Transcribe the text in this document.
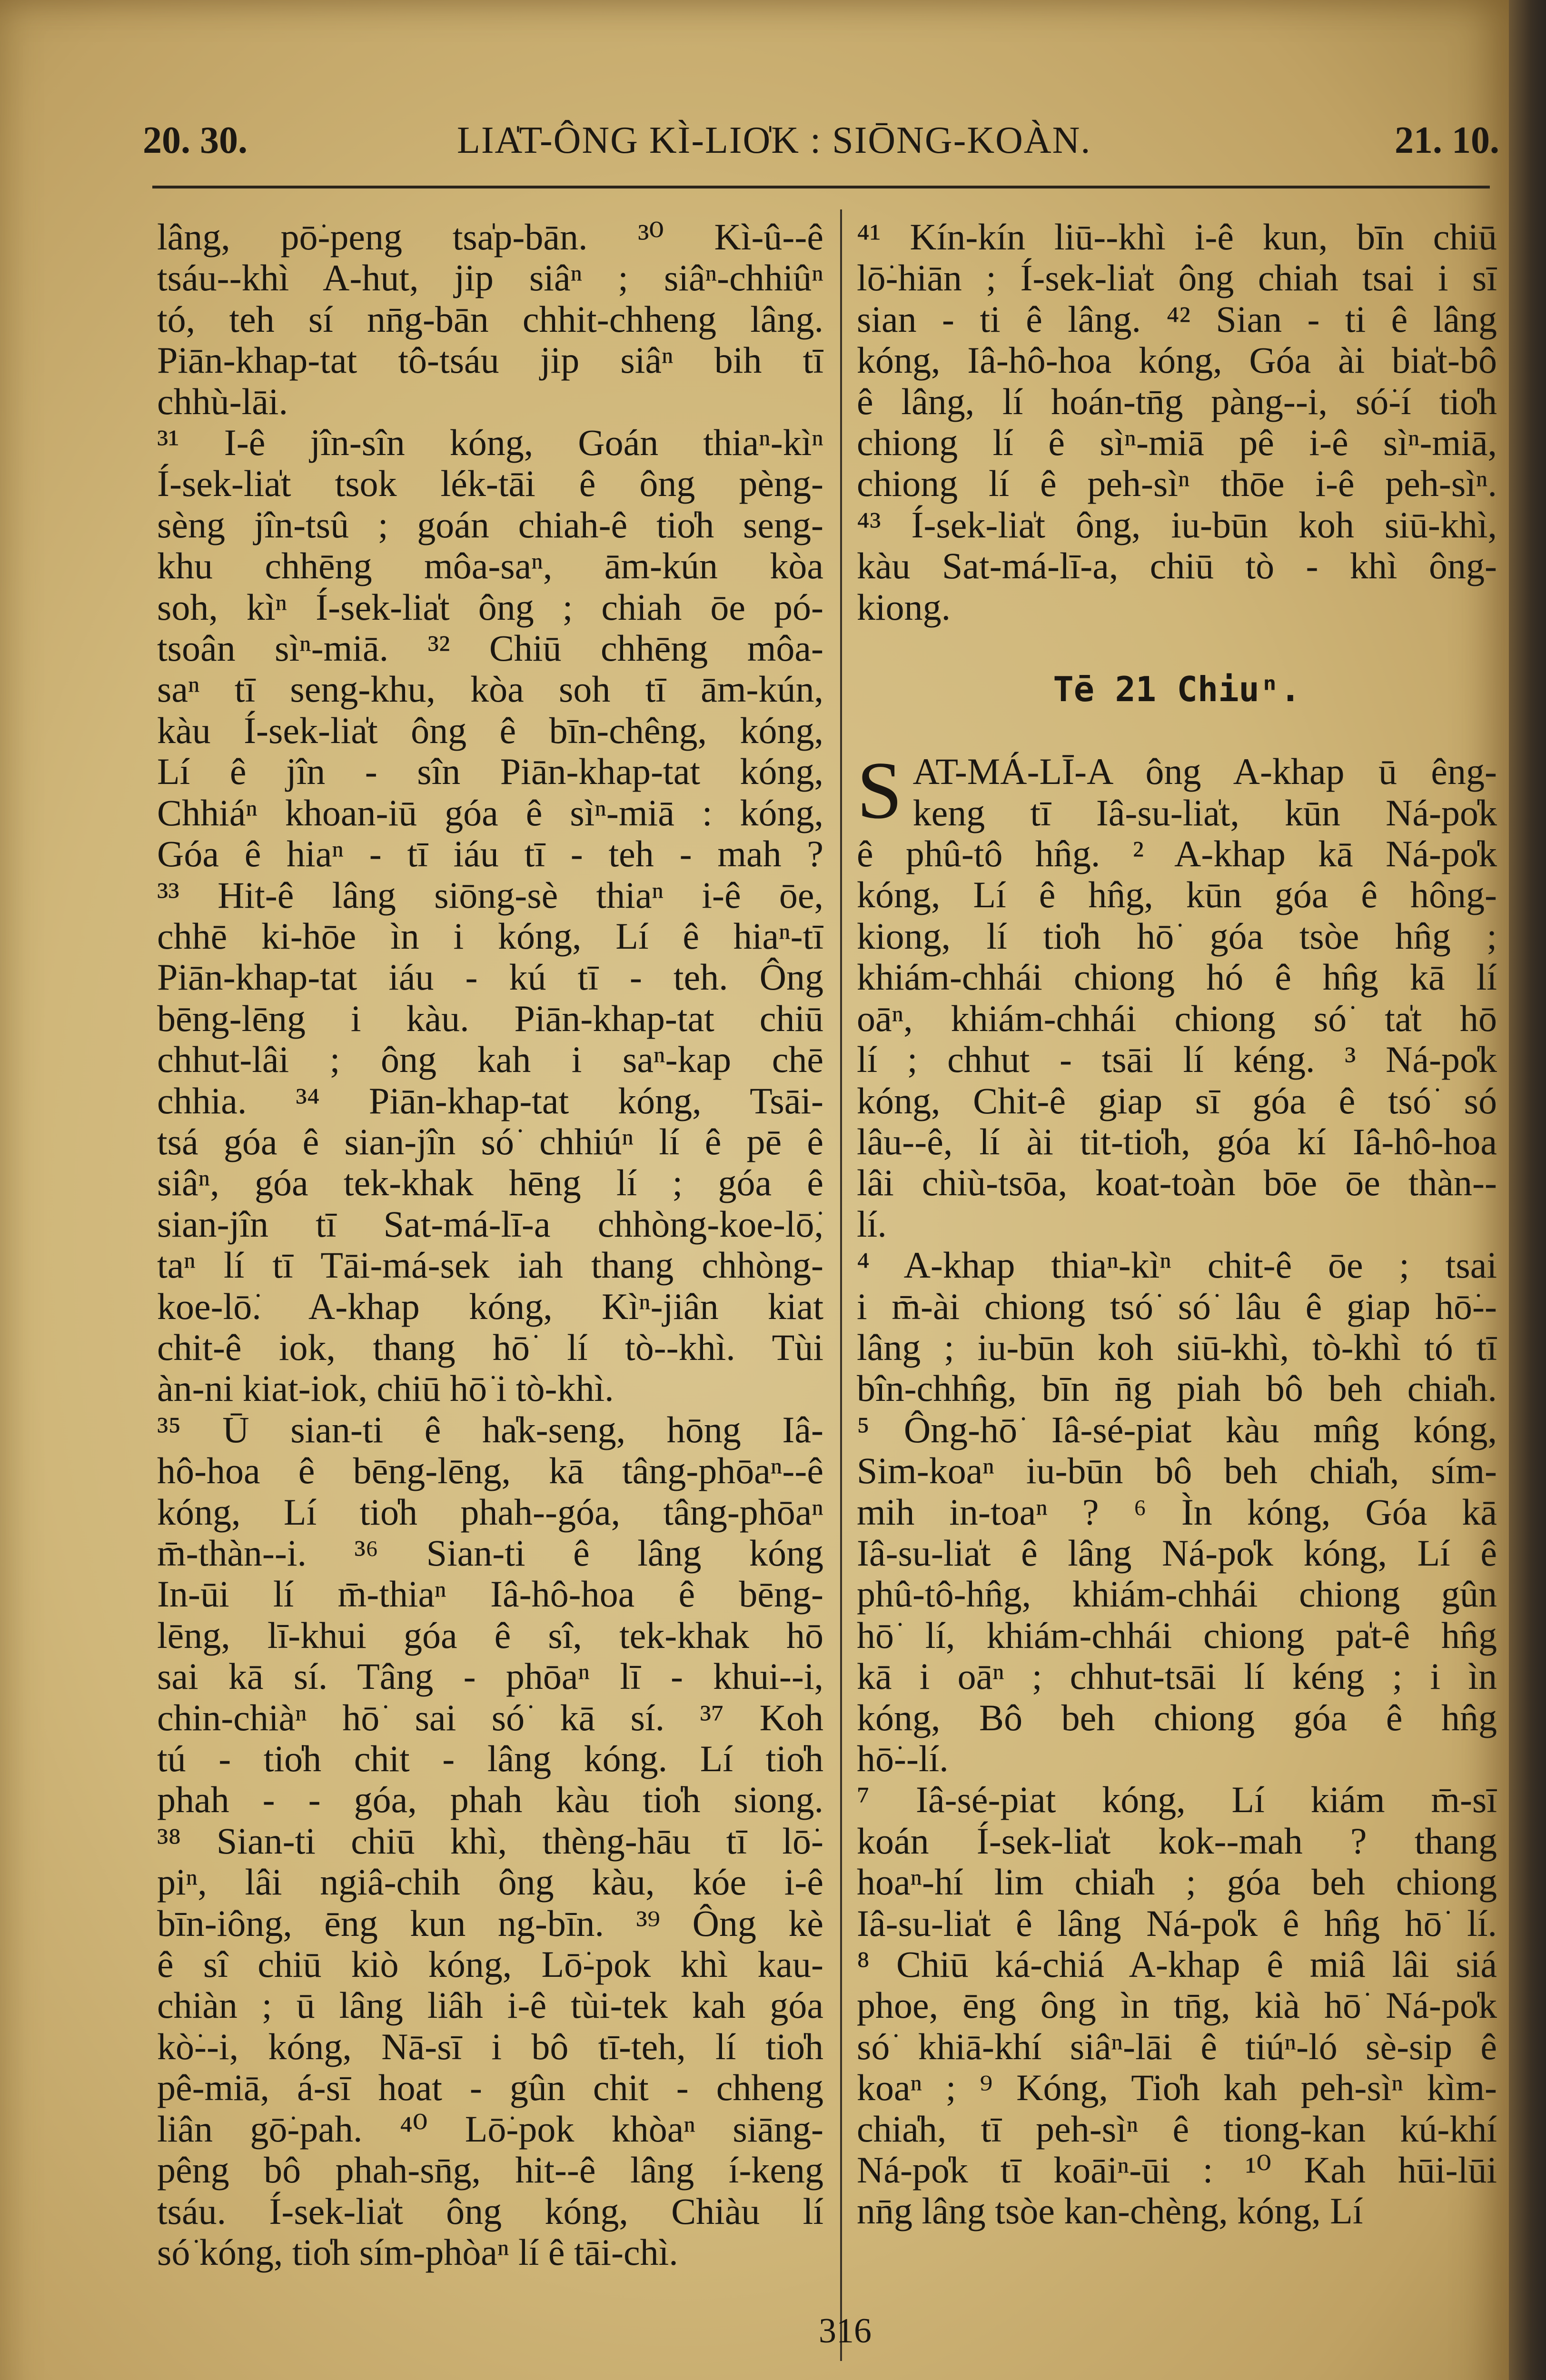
20. 30.	LIA̍T-ÔNG KÌ-LIO̍K : SIŌNG-KOÀN.	21. 10.
lâng, pō͘-peng tsa̍p-bān. ³⁰ Kì-û--ê
tsáu--khì A-hut, jip siâⁿ ; siâⁿ-chhiûⁿ
tó, teh sí nn̄g-bān chhit-chheng lâng.
Piān-khap-tat tô-tsáu jip siâⁿ bih tī
chhù-lāi.
³¹ I-ê jîn-sîn kóng, Goán thiaⁿ-kìⁿ
Í-sek-lia̍t tsok lék-tāi ê ông pèng-
sèng jîn-tsû ; goán chiah-ê tio̍h seng-
khu chhēng môa-saⁿ, ām-kún kòa
soh, kìⁿ Í-sek-lia̍t ông ; chiah ōe pó-
tsoân sìⁿ-miā. ³² Chiū chhēng môa-
saⁿ tī seng-khu, kòa soh tī ām-kún,
kàu Í-sek-lia̍t ông ê bīn-chêng, kóng,
Lí ê jîn - sîn Piān-khap-tat kóng,
Chhiáⁿ khoan-iū góa ê sìⁿ-miā : kóng,
Góa ê hiaⁿ - tī iáu tī - teh - mah ?
³³ Hit-ê lâng siōng-sè thiaⁿ i-ê ōe,
chhē ki-hōe ìn i kóng, Lí ê hiaⁿ-tī
Piān-khap-tat iáu - kú tī - teh. Ông
bēng-lēng i kàu. Piān-khap-tat chiū
chhut-lâi ; ông kah i saⁿ-kap chē
chhia. ³⁴ Piān-khap-tat kóng, Tsāi-
tsá góa ê sian-jîn só͘ chhiúⁿ lí ê pē ê
siâⁿ, góa tek-khak hēng lí ; góa ê
sian-jîn tī Sat-má-lī-a chhòng-koe-lō͘,
taⁿ lí tī Tāi-má-sek iah thang chhòng-
koe-lō͘. A-khap kóng, Kìⁿ-jiân kiat
chit-ê iok, thang hō͘ lí tò--khì. Tùi
àn-ni kiat-iok, chiū hō͘ i tò-khì.
³⁵ Ū sian-ti ê ha̍k-seng, hōng Iâ-
hô-hoa ê bēng-lēng, kā tâng-phōaⁿ--ê
kóng, Lí tio̍h phah--góa, tâng-phōaⁿ
m̄-thàn--i. ³⁶ Sian-ti ê lâng kóng
In-ūi lí m̄-thiaⁿ Iâ-hô-hoa ê bēng-
lēng, lī-khui góa ê sî, tek-khak hō͘
sai kā sí. Tâng - phōaⁿ lī - khui--i,
chin-chiàⁿ hō͘ sai só͘ kā sí. ³⁷ Koh
tú - tio̍h chit - lâng kóng. Lí tio̍h
phah - - góa, phah kàu tio̍h siong.
³⁸ Sian-ti chiū khì, thèng-hāu tī lō͘-
piⁿ, lâi ngiâ-chih ông kàu, kóe i-ê
bīn-iông, ēng kun ng-bīn. ³⁹ Ông kè
ê sî chiū kiò kóng, Lō͘-pok khì kau-
chiàn ; ū lâng liâh i-ê tùi-tek kah góa
kò͘--i, kóng, Nā-sī i bô tī-teh, lí tio̍h
pê-miā, á-sī hoat - gûn chit - chheng
liân gō͘-pah. ⁴⁰ Lō͘-pok khòaⁿ siāng-
pêng bô phah-sn̄g, hit--ê lâng í-keng
tsáu. Í-sek-lia̍t ông kóng, Chiàu lí
só͘ kóng, tio̍h sím-phòaⁿ lí ê tāi-chì.
⁴¹ Kín-kín liū--khì i-ê kun, bīn chiū
lō͘-hiān ; Í-sek-lia̍t ông chiah tsai i sī
sian - ti ê lâng. ⁴² Sian - ti ê lâng
kóng, Iâ-hô-hoa kóng, Góa ài bia̍t-bô
ê lâng, lí hoán-tn̄g pàng--i, só͘-í tio̍h
chiong lí ê sìⁿ-miā pê i-ê sìⁿ-miā,
chiong lí ê peh-sìⁿ thōe i-ê peh-sìⁿ.
⁴³ Í-sek-lia̍t ông, iu-būn koh siū-khì,
kàu Sat-má-lī-a, chiū tò - khì ông-
kiong.
Tē 21 Chiuⁿ.
S AT-MÁ-LĪ-A ông A-khap ū êng-
keng tī Iâ-su-lia̍t, kūn Ná-po̍k
ê phû-tô hn̂g. ² A-khap kā Ná-po̍k
kóng, Lí ê hn̂g, kūn góa ê hông-
kiong, lí tio̍h hō͘ góa tsòe hn̂g ;
khiám-chhái chiong hó ê hn̂g kā lí
oāⁿ, khiám-chhái chiong só͘ ta̍t hō͘
lí ; chhut - tsāi lí kéng. ³ Ná-po̍k
kóng, Chit-ê giap sī góa ê tsó͘ só͘
lâu--ê, lí ài tit-tio̍h, góa kí Iâ-hô-hoa
lâi chiù-tsōa, koat-toàn bōe ōe thàn--
lí.
⁴ A-khap thiaⁿ-kìⁿ chit-ê ōe ; tsai
i m̄-ài chiong tsó͘ só͘ lâu ê giap hō͘--
lâng ; iu-būn koh siū-khì, tò-khì tó tī
bîn-chhn̂g, bīn n̄g piah bô beh chia̍h.
⁵ Ông-hō͘ Iâ-sé-piat kàu mn̂g kóng,
Sim-koaⁿ iu-būn bô beh chia̍h, sím-
mih in-toaⁿ ? ⁶ Ìn kóng, Góa kā
Iâ-su-lia̍t ê lâng Ná-po̍k kóng, Lí ê
phû-tô-hn̂g, khiám-chhái chiong gûn
hō͘ lí, khiám-chhái chiong pa̍t-ê hn̂g
kā i oāⁿ ; chhut-tsāi lí kéng ; i ìn
kóng, Bô beh chiong góa ê hn̂g
hō͘--lí.
⁷ Iâ-sé-piat kóng, Lí kiám m̄-sī
koán Í-sek-lia̍t kok--mah ? thang
hoaⁿ-hí lim chia̍h ; góa beh chiong
Iâ-su-lia̍t ê lâng Ná-po̍k ê hn̂g hō͘ lí.
⁸ Chiū ká-chiá A-khap ê miâ lâi siá
phoe, ēng ông ìn tn̄g, kià hō͘ Ná-po̍k
só͘ khiā-khí siâⁿ-lāi ê tiúⁿ-ló sè-sip ê
koaⁿ ; ⁹ Kóng, Tio̍h kah peh-sìⁿ kìm-
chia̍h, tī peh-sìⁿ ê tiong-kan kú-khí
Ná-po̍k tī koāiⁿ-ūi : ¹⁰ Kah hūi-lūi
nn̄g lâng tsòe kan-chèng, kóng, Lí
316
